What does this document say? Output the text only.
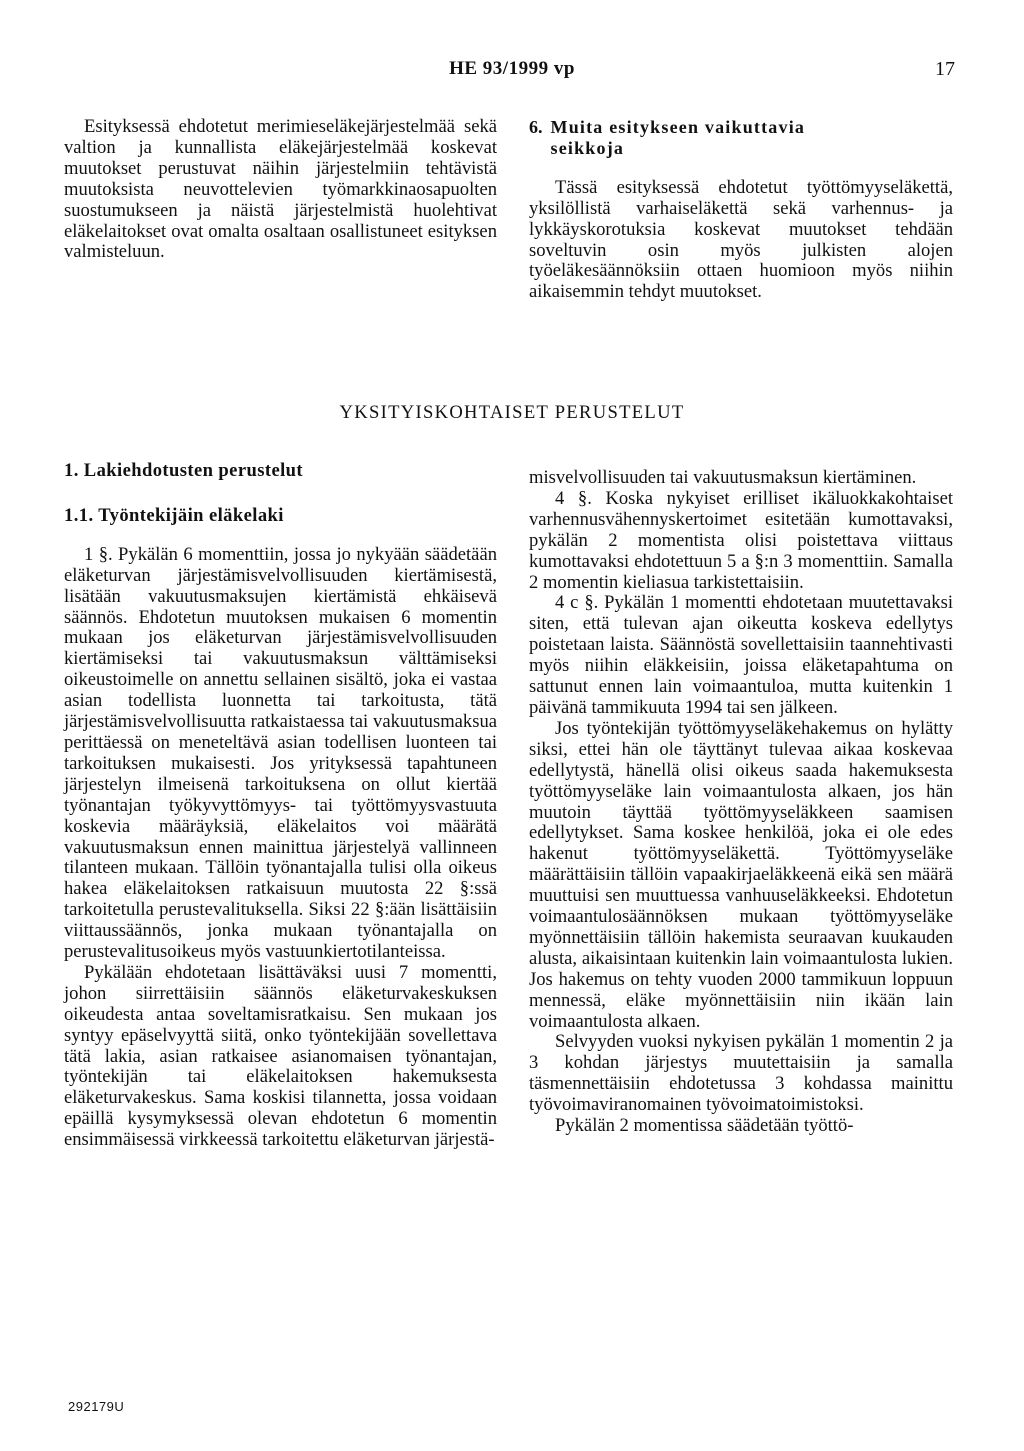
HE 93/1999 vp	17

Esityksessä ehdotetut merimieseläkejärjestelmää sekä valtion ja kunnallista eläkejärjestelmää koskevat muutokset perustuvat näihin järjestelmiin tehtävistä muutoksista neuvottelevien työmarkkinaosapuolten suostumukseen ja näistä järjestelmistä huolehtivat eläkelaitokset ovat omalta osaltaan osallistuneet esityksen valmisteluun.

6. Muita esitykseen vaikuttavia seikkoja

Tässä esityksessä ehdotetut työttömyyseläkettä, yksilöllistä varhaiseläkettä sekä varhennus- ja lykkäyskorotuksia koskevat muutokset tehdään soveltuvin osin myös julkisten alojen työeläkesäännöksiin ottaen huomioon myös niihin aikaisemmin tehdyt muutokset.

YKSITYISKOHTAISET PERUSTELUT

1. Lakiehdotusten perustelut

1.1. Työntekijäin eläkelaki

1 §. Pykälän 6 momenttiin, jossa jo nykyään säädetään eläketurvan järjestämisvelvollisuuden kiertämisestä, lisätään vakuutusmaksujen kiertämistä ehkäisevä säännös. Ehdotetun muutoksen mukaisen 6 momentin mukaan jos eläketurvan järjestämisvelvollisuuden kiertämiseksi tai vakuutusmaksun välttämiseksi oikeustoimelle on annettu sellainen sisältö, joka ei vastaa asian todellista luonnetta tai tarkoitusta, tätä järjestämisvelvollisuutta ratkaistaessa tai vakuutusmaksua perittäessä on meneteltävä asian todellisen luonteen tai tarkoituksen mukaisesti. Jos yrityksessä tapahtuneen järjestelyn ilmeisenä tarkoituksena on ollut kiertää työnantajan työkyvyttömyys- tai työttömyysvastuuta koskevia määräyksiä, eläkelaitos voi määrätä vakuutusmaksun ennen mainittua järjestelyä vallinneen tilanteen mukaan. Tällöin työnantajalla tulisi olla oikeus hakea eläkelaitoksen ratkaisuun muutosta 22 §:ssä tarkoitetulla perustevalituksella. Siksi 22 §:ään lisättäisiin viittaussäännös, jonka mukaan työnantajalla on perustevalitusoikeus myös vastuunkiertotilanteissa.

Pykälään ehdotetaan lisättäväksi uusi 7 momentti, johon siirrettäisiin säännös eläketurvakeskuksen oikeudesta antaa soveltamisratkaisu. Sen mukaan jos syntyy epäselvyyttä siitä, onko työntekijään sovellettava tätä lakia, asian ratkaisee asianomaisen työnantajan, työntekijän tai eläkelaitoksen hakemuksesta eläketurvakeskus. Sama koskisi tilannetta, jossa voidaan epäillä kysymyksessä olevan ehdotetun 6 momentin ensimmäisessä virkkeessä tarkoitettu eläketurvan järjestä-

misvelvollisuuden tai vakuutusmaksun kiertäminen.

4 §. Koska nykyiset erilliset ikäluokkakohtaiset varhennusvähennyskertoimet esitetään kumottavaksi, pykälän 2 momentista olisi poistettava viittaus kumottavaksi ehdotettuun 5 a §:n 3 momenttiin. Samalla 2 momentin kieliasua tarkistettaisiin.

4 c §. Pykälän 1 momentti ehdotetaan muutettavaksi siten, että tulevan ajan oikeutta koskeva edellytys poistetaan laista. Säännöstä sovellettaisiin taannehtivasti myös niihin eläkkeisiin, joissa eläketapahtuma on sattunut ennen lain voimaantuloa, mutta kuitenkin 1 päivänä tammikuuta 1994 tai sen jälkeen.

Jos työntekijän työttömyyseläkehakemus on hylätty siksi, ettei hän ole täyttänyt tulevaa aikaa koskevaa edellytystä, hänellä olisi oikeus saada hakemuksesta työttömyyseläke lain voimaantulosta alkaen, jos hän muutoin täyttää työttömyyseläkkeen saamisen edellytykset. Sama koskee henkilöä, joka ei ole edes hakenut työttömyyseläkettä. Työttömyyseläke määrättäisiin tällöin vapaakirjaeläkkeenä eikä sen määrä muuttuisi sen muuttuessa vanhuuseläkkeeksi. Ehdotetun voimaantulosäännöksen mukaan työttömyyseläke myönnettäisiin tällöin hakemista seuraavan kuukauden alusta, aikaisintaan kuitenkin lain voimaantulosta lukien. Jos hakemus on tehty vuoden 2000 tammikuun loppuun mennessä, eläke myönnettäisiin niin ikään lain voimaantulosta alkaen.

Selvyyden vuoksi nykyisen pykälän 1 momentin 2 ja 3 kohdan järjestys muutettaisiin ja samalla täsmennettäisiin ehdotetussa 3 kohdassa mainittu työvoimaviranomainen työvoimatoimistoksi.

Pykälän 2 momentissa säädetään työttö-

292179U
